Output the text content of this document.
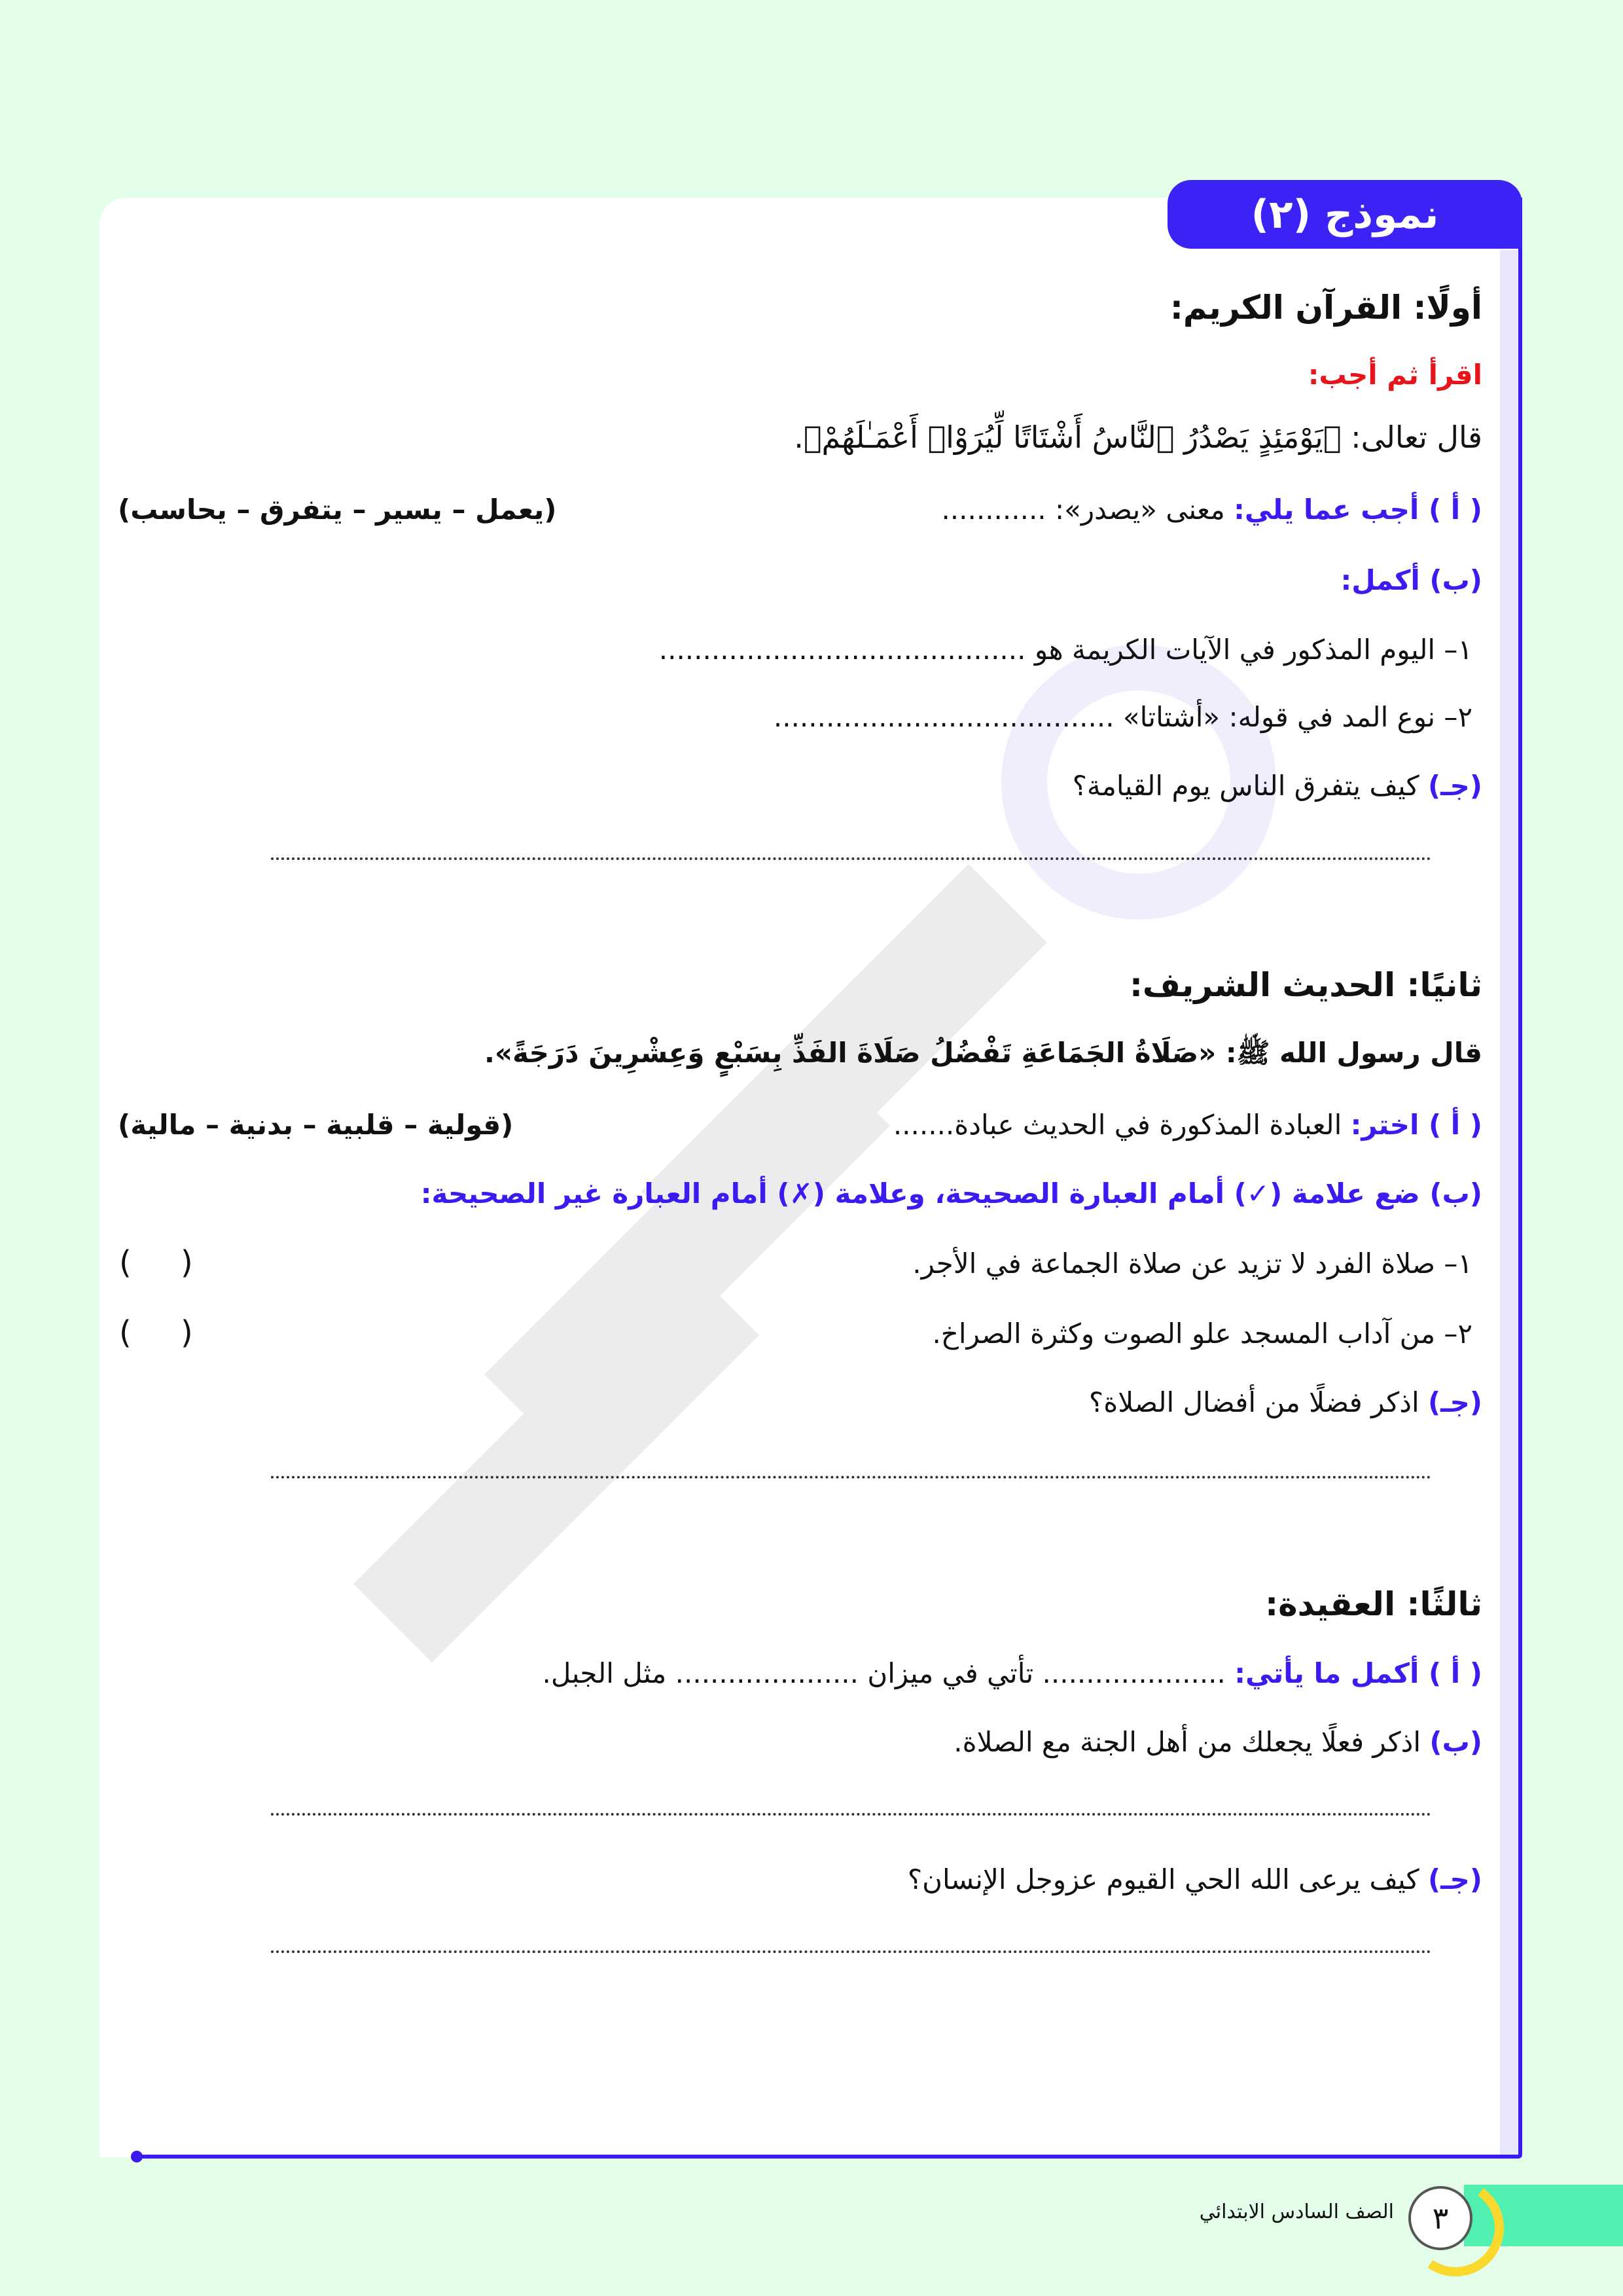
نموذج (٢)
أولًا: القرآن الكريم:
اقرأ ثم أجب:
قال تعالى: ﴿يَوْمَئِذٍ يَصْدُرُ ٱلنَّاسُ أَشْتَاتًا لِّيُرَوْا۟ أَعْمَـٰلَهُمْ﴾.
( أ ) أجب عما يلي: معنى «يصدر»: ............
(يعمل – يسير – يتفرق – يحاسب)
(ب) أكمل:
١– اليوم المذكور في الآيات الكريمة هو ..........................................
٢– نوع المد في قوله: «أشتاتا» .......................................
(جـ) كيف يتفرق الناس يوم القيامة؟
ثانيًا: الحديث الشريف:
قال رسول الله ﷺ: «صَلَاةُ الجَمَاعَةِ تَفْضُلُ صَلَاةَ الفَذِّ بِسَبْعٍ وَعِشْرِينَ دَرَجَةً».
( أ ) اختر: العبادة المذكورة في الحديث عبادة.......
(قولية – قلبية – بدنية – مالية)
(ب) ضع علامة (✓) أمام العبارة الصحيحة، وعلامة (✗) أمام العبارة غير الصحيحة:
١– صلاة الفرد لا تزيد عن صلاة الجماعة في الأجر.
( )
٢– من آداب المسجد علو الصوت وكثرة الصراخ.
( )
(جـ) اذكر فضلًا من أفضال الصلاة؟
ثالثًا: العقيدة:
( أ ) أكمل ما يأتي: ..................... تأتي في ميزان ..................... مثل الجبل.
(ب) اذكر فعلًا يجعلك من أهل الجنة مع الصلاة.
(جـ) كيف يرعى الله الحي القيوم عزوجل الإنسان؟
٣
الصف السادس الابتدائي
